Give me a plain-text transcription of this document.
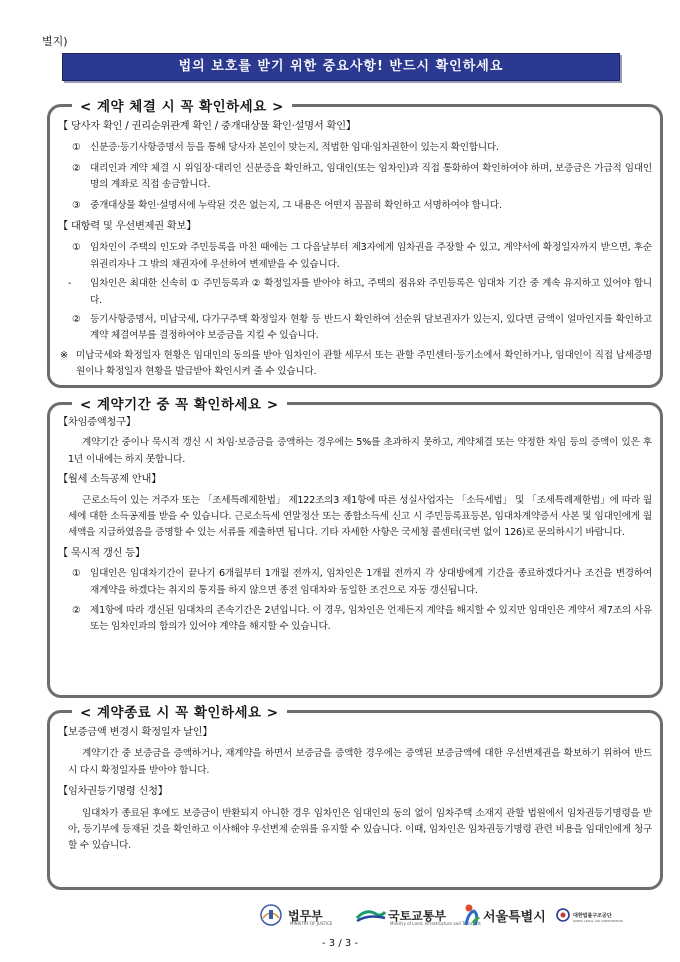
별지)
법의 보호를 받기 위한 중요사항! 반드시 확인하세요
< 계약 체결 시 꼭 확인하세요 >

【 당사자 확인 / 권리순위관계 확인 / 중개대상물 확인·설명서 확인】

① 신분증·등기사항증명서 등을 통해 당사자 본인이 맞는지, 적법한 임대·임차권한이 있는지 확인합니다.
② 대리인과 계약 체결 시 위임장·대리인 신분증을 확인하고, 임대인(또는 임차인)과 직접 통화하여 확인하여야 하며, 보증금은 가급적 임대인 명의 계좌로 직접 송금합니다.
③ 중개대상물 확인·설명서에 누락된 것은 없는지, 그 내용은 어떤지 꼼꼼히 확인하고 서명하여야 합니다.

【 대항력 및 우선변제권 확보】

① 임차인이 주택의 인도와 주민등록을 마친 때에는 그 다음날부터 제3자에게 임차권을 주장할 수 있고, 계약서에 확정일자까지 받으면, 후순위권리자나 그 밖의 채권자에 우선하여 변제받을 수 있습니다.
-	임차인은 최대한 신속히 ① 주민등록과 ② 확정일자를 받아야 하고, 주택의 점유와 주민등록은 임대차 기간 중 계속 유지하고 있어야 합니다.
② 등기사항증명서, 미납국세, 다가구주택 확정일자 현황 등 반드시 확인하여 선순위 담보권자가 있는지, 있다면 금액이 얼마인지를 확인하고 계약 체결여부를 결정하여야 보증금을 지킬 수 있습니다.
※ 미납국세와 확정일자 현황은 임대인의 동의를 받아 임차인이 관할 세무서 또는 관할 주민센터·등기소에서 확인하거나, 임대인이 직접 납세증명원이나 확정일자 현황을 발급받아 확인시켜 줄 수 있습니다.
< 계약기간 중 꼭 확인하세요 >

【차임증액청구】

계약기간 중이나 묵시적 갱신 시 차임·보증금을 증액하는 경우에는 5%를 초과하지 못하고, 계약체결 또는 약정한 차임 등의 증액이 있은 후 1년 이내에는 하지 못합니다.

【월세 소득공제 안내】

근로소득이 있는 거주자 또는 「조세특례제한법」 제122조의3 제1항에 따른 성실사업자는 「소득세법」 및 「조세특례제한법」에 따라 월세에 대한 소득공제를 받을 수 있습니다. 근로소득세 연말정산 또는 종합소득세 신고 시 주민등록표등본, 임대차계약증서 사본 및 임대인에게 월세액을 지급하였음을 증명할 수 있는 서류를 제출하면 됩니다. 기타 자세한 사항은 국세청 콜센터(국번 없이 126)로 문의하시기 바랍니다.

【 묵시적 갱신 등】

① 임대인은 임대차기간이 끝나기 6개월부터 1개월 전까지, 임차인은 1개월 전까지 각 상대방에게 기간을 종료하겠다거나 조건을 변경하여 재계약을 하겠다는 취지의 통지를 하지 않으면 종전 임대차와 동일한 조건으로 자동 갱신됩니다.
② 제1항에 따라 갱신된 임대차의 존속기간은 2년입니다. 이 경우, 임차인은 언제든지 계약을 해지할 수 있지만 임대인은 계약서 제7조의 사유 또는 임차인과의 합의가 있어야 계약을 해지할 수 있습니다.
< 계약종료 시 꼭 확인하세요 >

【보증금액 변경시 확정일자 날인】

계약기간 중 보증금을 증액하거나, 재계약을 하면서 보증금을 증액한 경우에는 증액된 보증금액에 대한 우선변제권을 확보하기 위하여 반드시 다시 확정일자를 받아야 합니다.

【임차권등기명령 신청】

임대차가 종료된 후에도 보증금이 반환되지 아니한 경우 임차인은 임대인의 동의 없이 임차주택 소재지 관할 법원에서 임차권등기명령을 받아, 등기부에 등재된 것을 확인하고 이사해야 우선변제 순위를 유지할 수 있습니다. 이때, 임차인은 임차권등기명령 관련 비용을 임대인에게 청구할 수 있습니다.

법무부
MINISTRY OF JUSTICE
국토교통부
Ministry of Land, Infrastructure and Transport 서울특별시	대한법률구조공단
KOREA LEGAL AID CORPORATION
- 3 / 3 -
